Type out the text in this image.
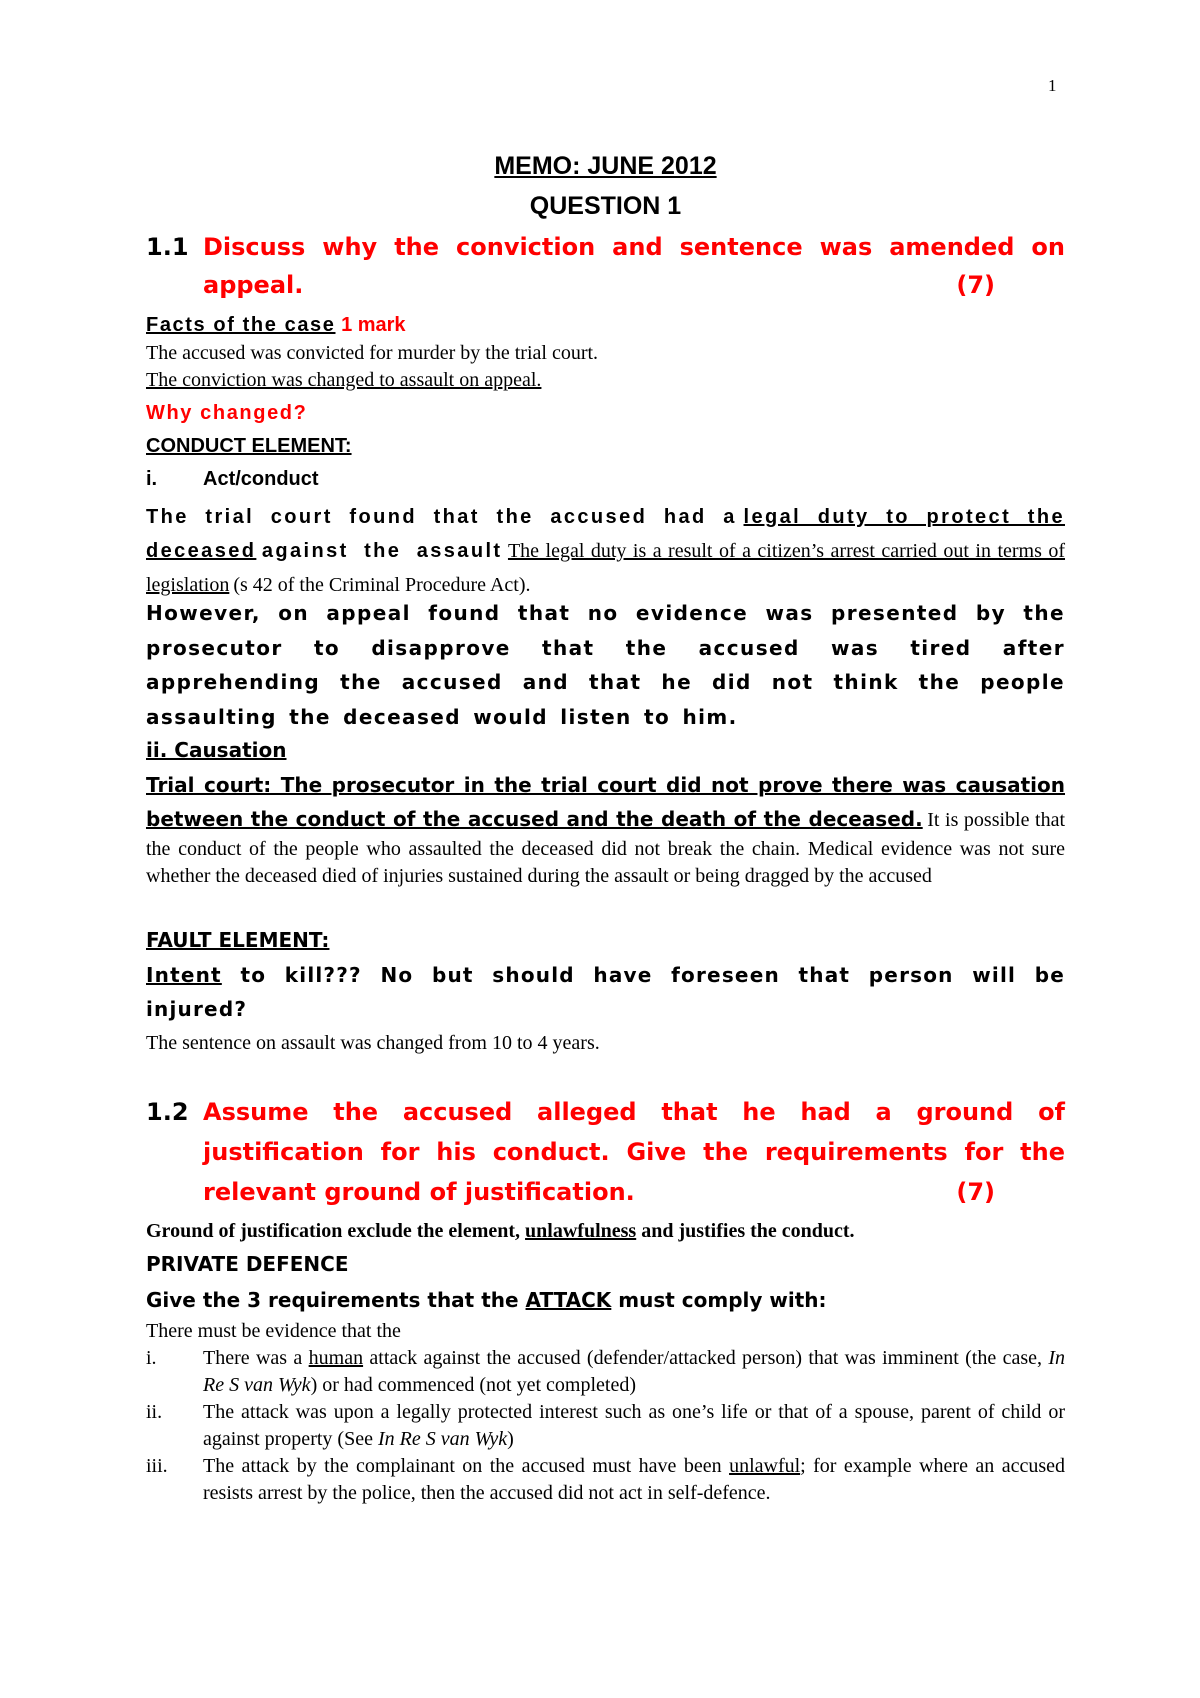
1
MEMO: JUNE 2012
QUESTION 1
1.1 Discuss why the conviction and sentence was amended on appeal.	(7)
Facts of the case 1 mark
The accused was convicted for murder by the trial court.
The conviction was changed to assault on appeal.
Why changed?
CONDUCT ELEMENT:
i.	Act/conduct
The trial court found that the accused had a legal duty to protect the deceased against the assault The legal duty is a result of a citizen’s arrest carried out in terms of legislation (s 42 of the Criminal Procedure Act).
However, on appeal found that no evidence was presented by the prosecutor to disapprove that the accused was tired after apprehending the accused and that he did not think the people assaulting the deceased would listen to him.
ii. Causation
Trial court: The prosecutor in the trial court did not prove there was causation between the conduct of the accused and the death of the deceased. It is possible that the conduct of the people who assaulted the deceased did not break the chain. Medical evidence was not sure whether the deceased died of injuries sustained during the assault or being dragged by the accused
FAULT ELEMENT:
Intent to kill??? No but should have foreseen that person will be injured?
The sentence on assault was changed from 10 to 4 years.
1.2 Assume the accused alleged that he had a ground of justification for his conduct. Give the requirements for the relevant ground of justification.	(7)
Ground of justification exclude the element, unlawfulness and justifies the conduct.
PRIVATE DEFENCE
Give the 3 requirements that the ATTACK must comply with:
There must be evidence that the
i.	There was a human attack against the accused (defender/attacked person) that was imminent (the case, In Re S van Wyk) or had commenced (not yet completed)
ii.	The attack was upon a legally protected interest such as one’s life or that of a spouse, parent of child or against property (See In Re S van Wyk)
iii.	The attack by the complainant on the accused must have been unlawful; for example where an accused resists arrest by the police, then the accused did not act in self-defence.
